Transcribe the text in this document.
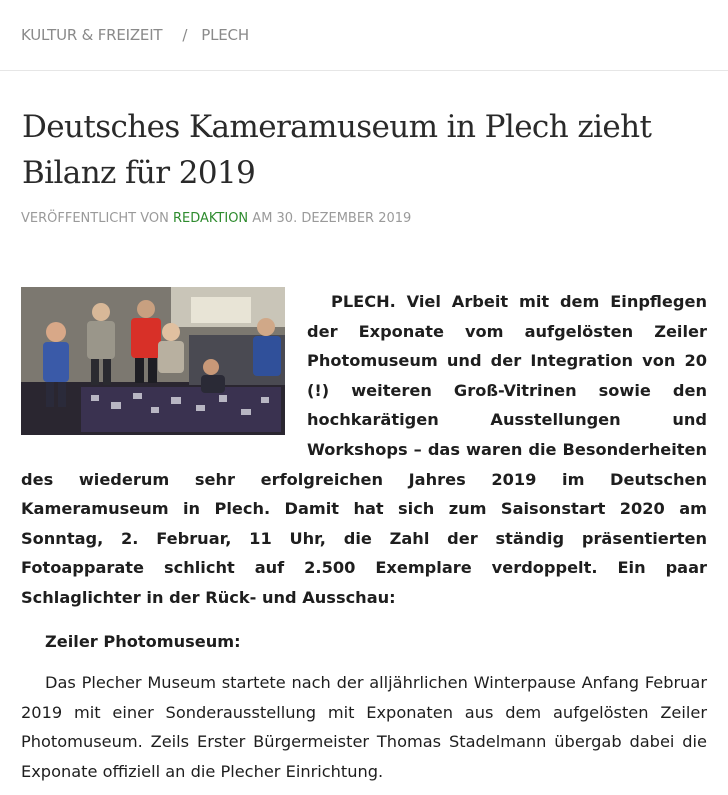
KULTUR & FREIZEIT / PLECH
Deutsches Kameramuseum in Plech zieht Bilanz für 2019
VERÖFFENTLICHT VON REDAKTION AM 30. DEZEMBER 2019

PLECH. Viel Arbeit mit dem Einpflegen der Exponate vom aufgelösten Zeiler Photomuseum und der Integration von 20 (!) weiteren Groß-Vitrinen sowie den hochkarätigen Ausstellungen und Workshops – das waren die Besonderheiten des wiederum sehr erfolgreichen Jahres 2019 im Deutschen Kameramuseum in Plech. Damit hat sich zum Saisonstart 2020 am Sonntag, 2. Februar, 11 Uhr, die Zahl der ständig präsentierten Fotoapparate schlicht auf 2.500 Exemplare verdoppelt. Ein paar Schlaglichter in der Rück- und Ausschau:

Zeiler Photomuseum:

Das Plecher Museum startete nach der alljährlichen Winterpause Anfang Februar 2019 mit einer Sonderausstellung mit Exponaten aus dem aufgelösten Zeiler Photomuseum. Zeils Erster Bürgermeister Thomas Stadelmann übergab dabei die Exponate offiziell an die Plecher Einrichtung.
